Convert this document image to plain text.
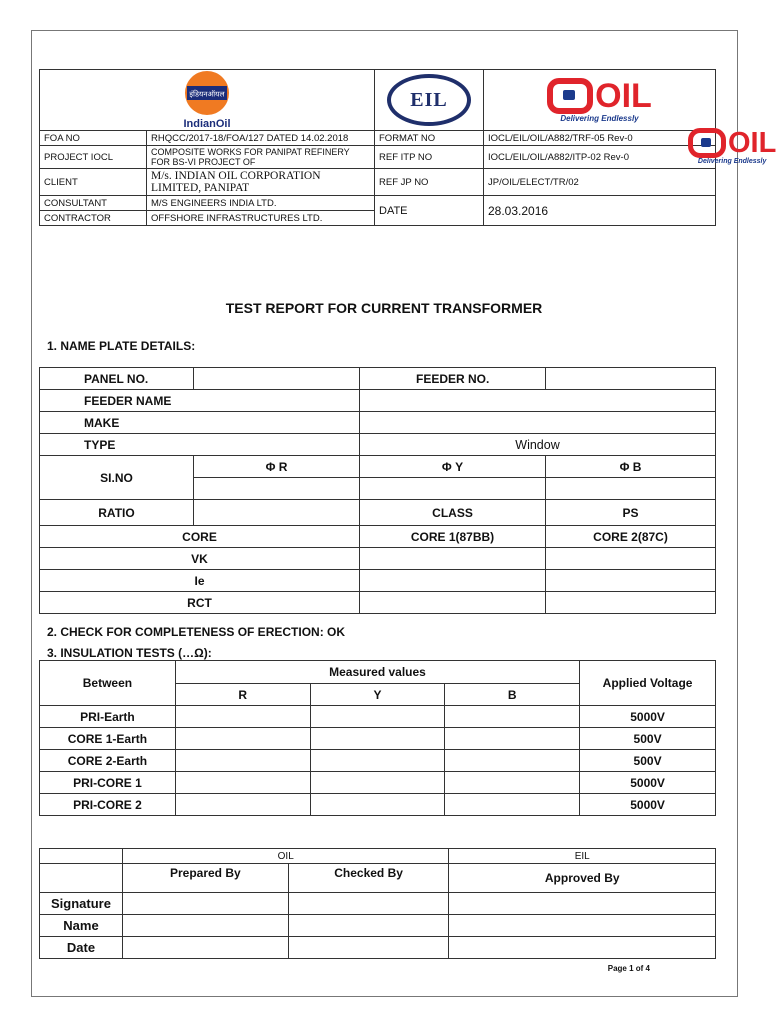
इंडियनऑयल
IndianOil		EIL	OIL
Delivering Endlessly

FOA NO	RHQCC/2017-18/FOA/127 DATED 14.02.2018	FORMAT NO	IOCL/EIL/OIL/A882/TRF-05 Rev-0
PROJECT IOCL	COMPOSITE WORKS FOR PANIPAT REFINERY FOR BS-VI PROJECT OF	REF ITP NO	IOCL/EIL/OIL/A882/ITP-02 Rev-0
CLIENT	M/s. INDIAN OIL CORPORATION LIMITED, PANIPAT	REF JP NO	JP/OIL/ELECT/TR/02
CONSULTANT	M/S ENGINEERS INDIA LTD.	DATE	28.03.2016
CONTRACTOR	OFFSHORE INFRASTRUCTURES LTD.		
OIL
Delivering Endlessly
TEST REPORT FOR CURRENT TRANSFORMER
1. NAME PLATE DETAILS:
PANEL NO.		FEEDER NO.	
FEEDER NAME			
MAKE			
TYPE		Window	
SI.NO	Φ R	Φ Y	Φ B

RATIO		CLASS	PS
CORE		CORE 1(87BB)	CORE 2(87C)
VK			
Ie			
RCT			
2. CHECK FOR COMPLETENESS OF ERECTION: OK
3. INSULATION TESTS (…Ω):
Between	Measured values			Applied Voltage
	R	Y	B	
PRI-Earth				5000V
CORE 1-Earth				500V
CORE 2-Earth				500V
PRI-CORE 1				5000V
PRI-CORE 2				5000V
	OIL		EIL
	Prepared By	Checked By	Approved By
Signature			
Name			
Date			
Page 1 of 4
